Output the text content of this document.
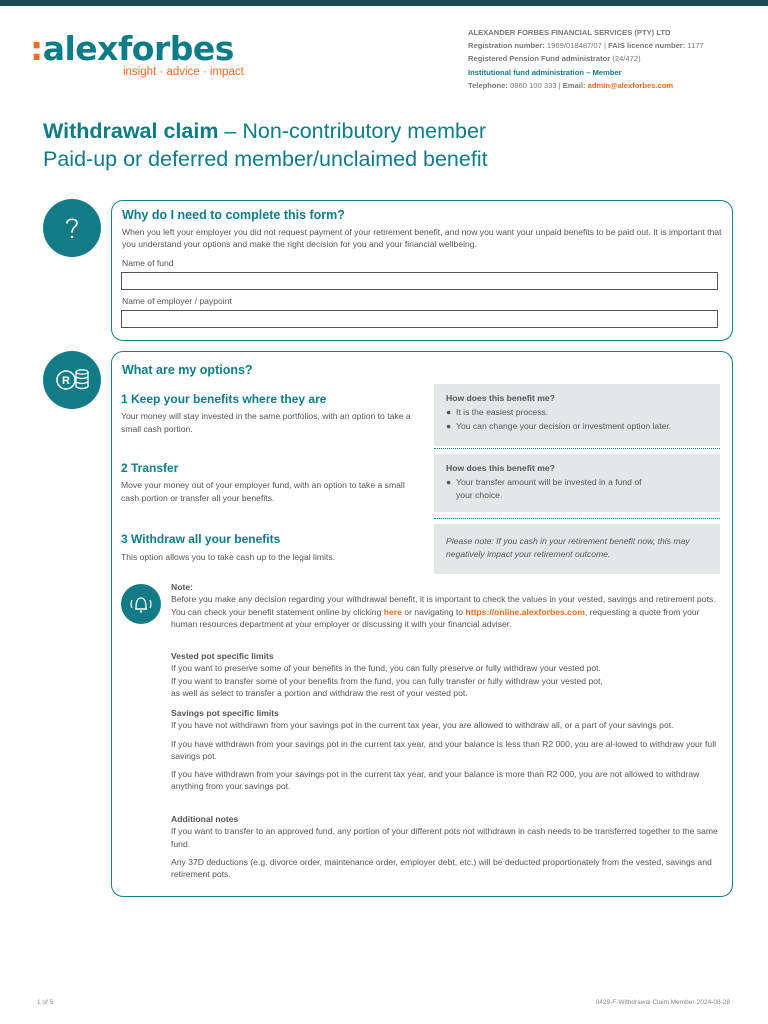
:alexforbes
insight · advice · impact
ALEXANDER FORBES FINANCIAL SERVICES (PTY) LTD
Registration number: 1969/018487/07 | FAIS licence number: 1177
Registered Pension Fund administrator (24/472)
Institutional fund administration – Member
Telephone: 0860 100 333 | Email: admin@alexforbes.com
Withdrawal claim – Non-contributory member
Paid-up or deferred member/unclaimed benefit
Why do I need to complete this form?
When you left your employer you did not request payment of your retirement benefit, and now you want your unpaid benefits to be paid out. It is important that you understand your options and make the right decision for you and your financial wellbeing.
Name of fund
Name of employer / paypoint
R
What are my options?
1 Keep your benefits where they are
Your money will stay invested in the same portfolios, with an option to take a small cash portion.
How does this benefit me?
● It is the easiest process.
● You can change your decision or investment option later.
2 Transfer
Move your money out of your employer fund, with an option to take a small cash portion or transfer all your benefits.
How does this benefit me?
● Your transfer amount will be invested in a fund of
your choice.
3 Withdraw all your benefits
This option allows you to take cash up to the legal limits.
Please note: If you cash in your retirement benefit now, this may negatively impact your retirement outcome.
Note:
Before you make any decision regarding your withdrawal benefit, it is important to check the values in your vested, savings and retirement pots. You can check your benefit statement online by clicking here or navigating to https://online.alexforbes.com, requesting a quote from your human resources department at your employer or discussing it with your financial adviser.
Vested pot specific limits
If you want to preserve some of your benefits in the fund, you can fully preserve or fully withdraw your vested pot.
If you want to transfer some of your benefits from the fund, you can fully transfer or fully withdraw your vested pot,
as well as select to transfer a portion and withdraw the rest of your vested pot.
Savings pot specific limits
If you have not withdrawn from your savings pot in the current tax year, you are allowed to withdraw all, or a part of your savings pot.
If you have withdrawn from your savings pot in the current tax year, and your balance is less than R2 000, you are al-lowed to withdraw your full savings pot.
If you have withdrawn from your savings pot in the current tax year, and your balance is more than R2 000, you are not allowed to withdraw anything from your savings pot.
Additional notes
If you want to transfer to an approved fund, any portion of your different pots not withdrawn in cash needs to be transferred together to the same fund.
Any 37D deductions (e.g. divorce order, maintenance order, employer debt, etc.) will be deducted proportionately from the vested, savings and retirement pots.
1 of 5	0429-F-Withdrawal Claim Member-2024-08-28
